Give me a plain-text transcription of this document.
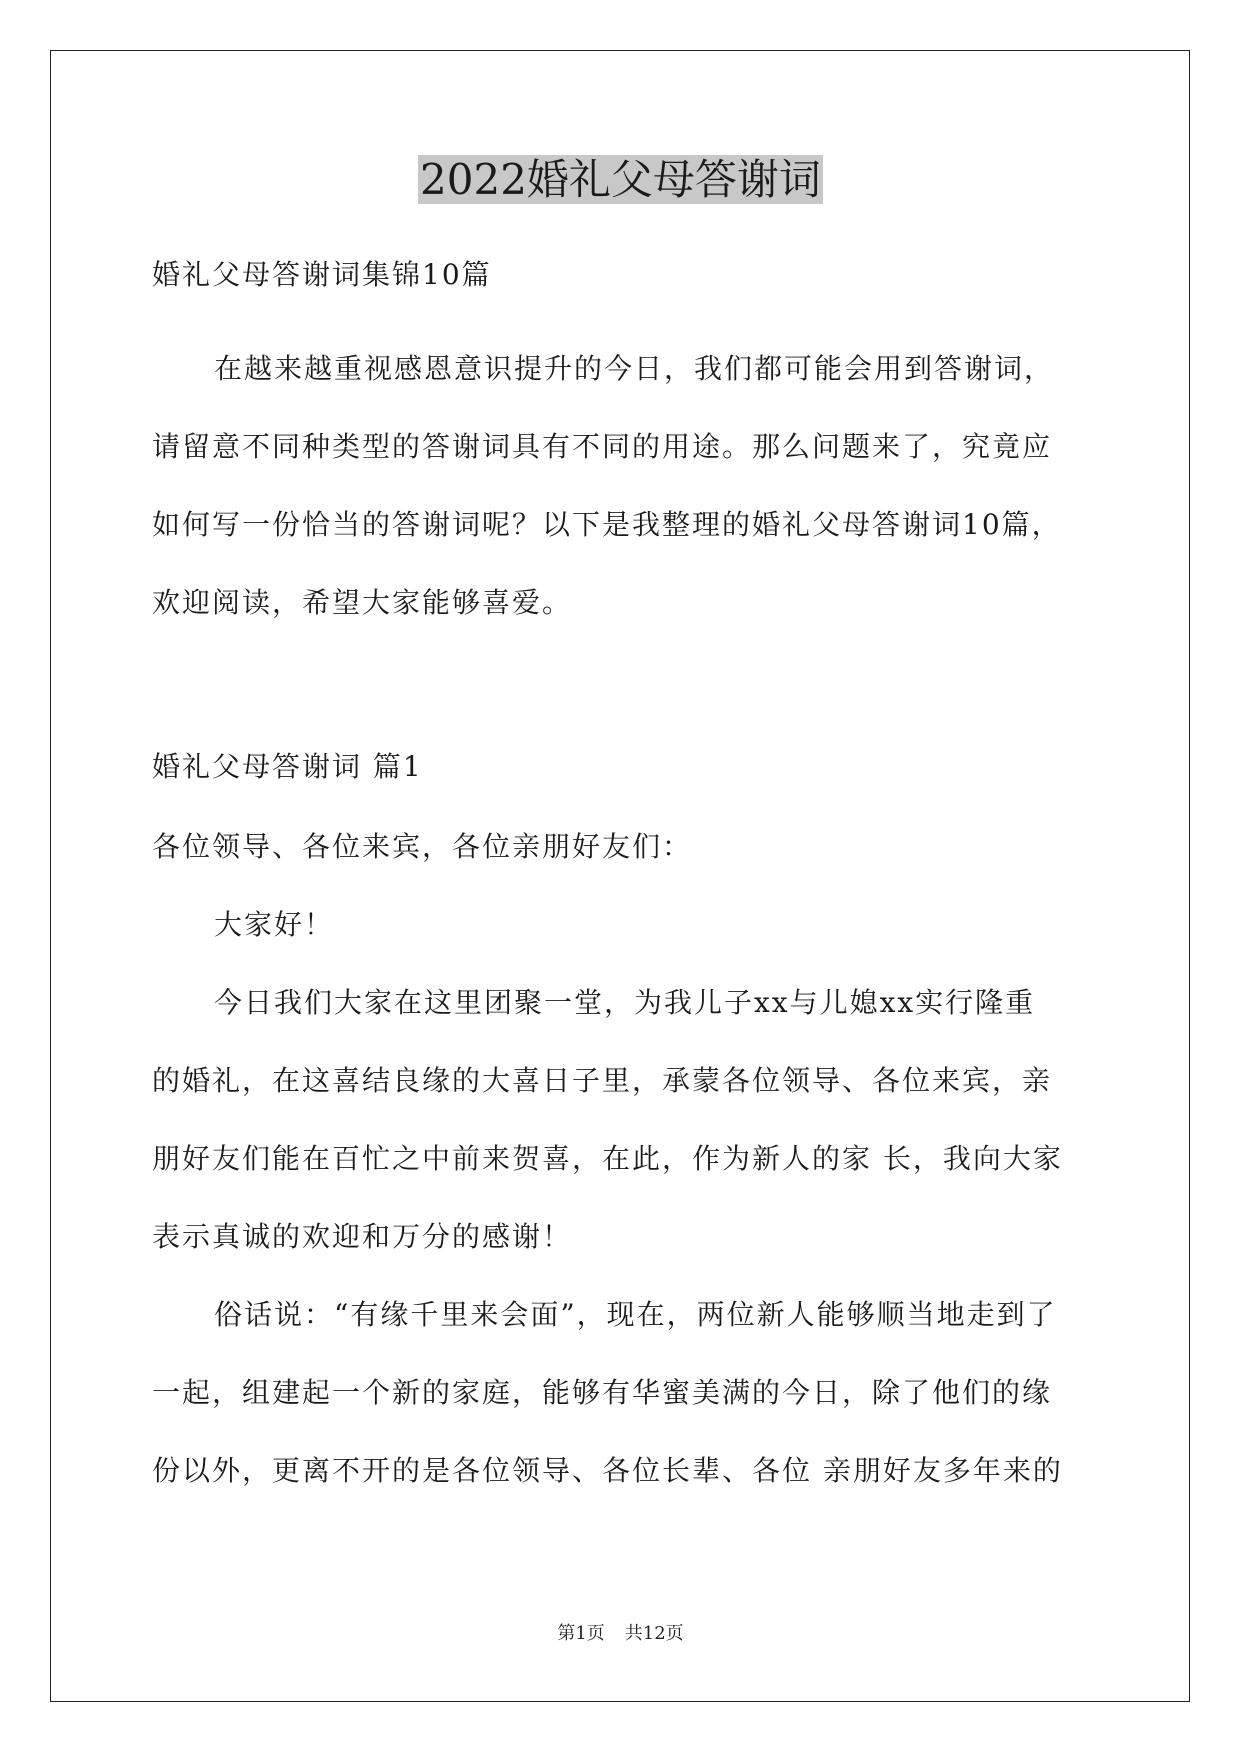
2022婚礼父母答谢词

婚礼父母答谢词集锦10篇

在越来越重视感恩意识提升的今日，我们都可能会用到答谢词，

请留意不同种类型的答谢词具有不同的用途。那么问题来了，究竟应

如何写一份恰当的答谢词呢？以下是我整理的婚礼父母答谢词10篇，

欢迎阅读，希望大家能够喜爱。

婚礼父母答谢词 篇1

各位领导、各位来宾，各位亲朋好友们：

大家好！

今日我们大家在这里团聚一堂，为我儿子xx与儿媳xx实行隆重

的婚礼，在这喜结良缘的大喜日子里，承蒙各位领导、各位来宾，亲

朋好友们能在百忙之中前来贺喜，在此，作为新人的家 长，我向大家

表示真诚的欢迎和万分的感谢！

俗话说：“有缘千里来会面”，现在，两位新人能够顺当地走到了

一起，组建起一个新的家庭，能够有华蜜美满的今日，除了他们的缘

份以外，更离不开的是各位领导、各位长辈、各位 亲朋好友多年来的

第1页 共12页
